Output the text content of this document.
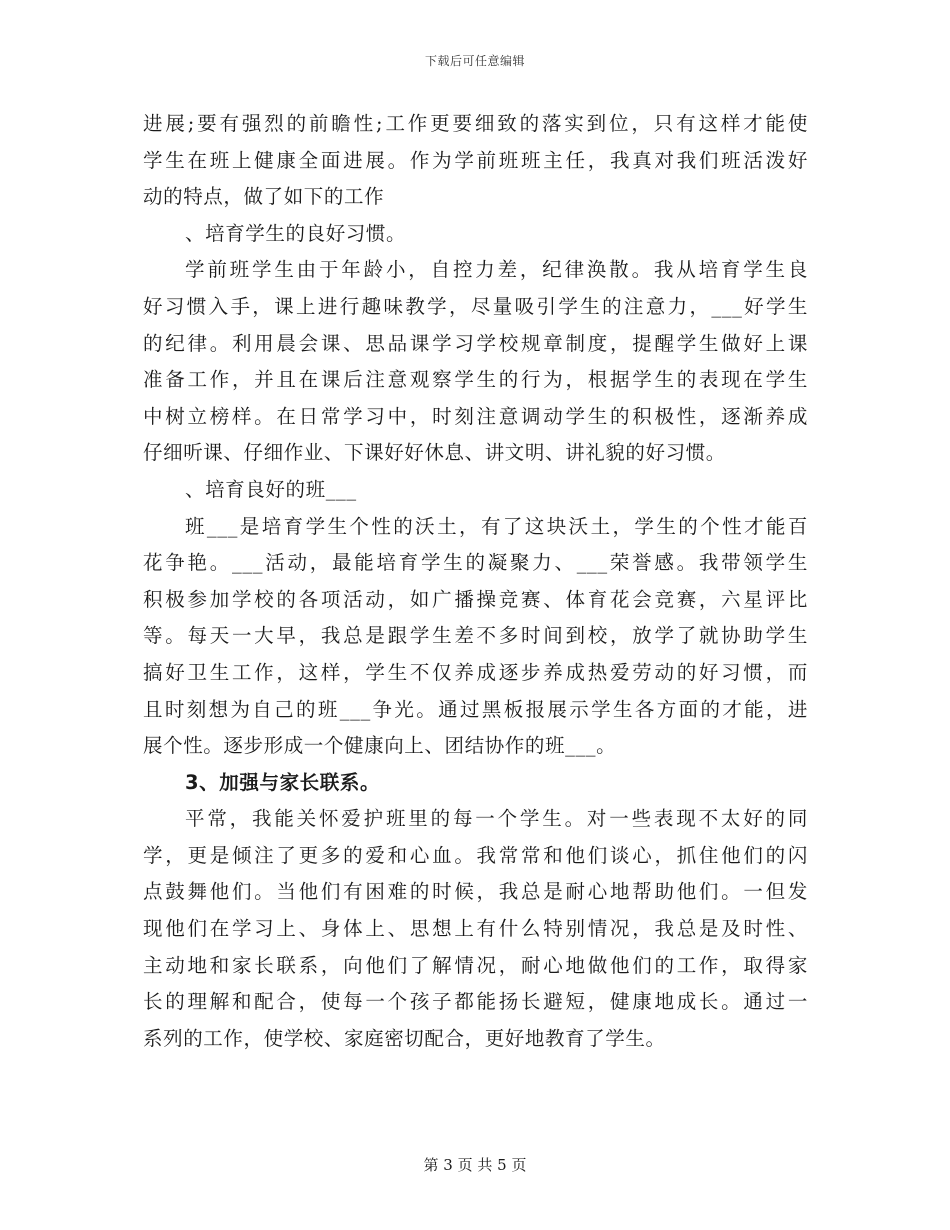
下载后可任意编辑
进展;要有强烈的前瞻性;工作更要细致的落实到位，只有这样才能使
学生在班上健康全面进展。作为学前班班主任，我真对我们班活泼好
动的特点，做了如下的工作
、培育学生的良好习惯。
学前班学生由于年龄小，自控力差，纪律涣散。我从培育学生良
好习惯入手，课上进行趣味教学，尽量吸引学生的注意力，___好学生
的纪律。利用晨会课、思品课学习学校规章制度，提醒学生做好上课
准备工作，并且在课后注意观察学生的行为，根据学生的表现在学生
中树立榜样。在日常学习中，时刻注意调动学生的积极性，逐渐养成
仔细听课、仔细作业、下课好好休息、讲文明、讲礼貌的好习惯。
、培育良好的班___
班___是培育学生个性的沃土，有了这块沃土，学生的个性才能百
花争艳。___活动，最能培育学生的凝聚力、___荣誉感。我带领学生
积极参加学校的各项活动，如广播操竞赛、体育花会竞赛，六星评比
等。每天一大早，我总是跟学生差不多时间到校，放学了就协助学生
搞好卫生工作，这样，学生不仅养成逐步养成热爱劳动的好习惯，而
且时刻想为自己的班___争光。通过黑板报展示学生各方面的才能，进
展个性。逐步形成一个健康向上、团结协作的班___。
3、加强与家长联系。
平常，我能关怀爱护班里的每一个学生。对一些表现不太好的同
学，更是倾注了更多的爱和心血。我常常和他们谈心，抓住他们的闪
点鼓舞他们。当他们有困难的时候，我总是耐心地帮助他们。一但发
现他们在学习上、身体上、思想上有什么特别情况，我总是及时性、
主动地和家长联系，向他们了解情况，耐心地做他们的工作，取得家
长的理解和配合，使每一个孩子都能扬长避短，健康地成长。通过一
系列的工作，使学校、家庭密切配合，更好地教育了学生。
第 3 页 共 5 页
